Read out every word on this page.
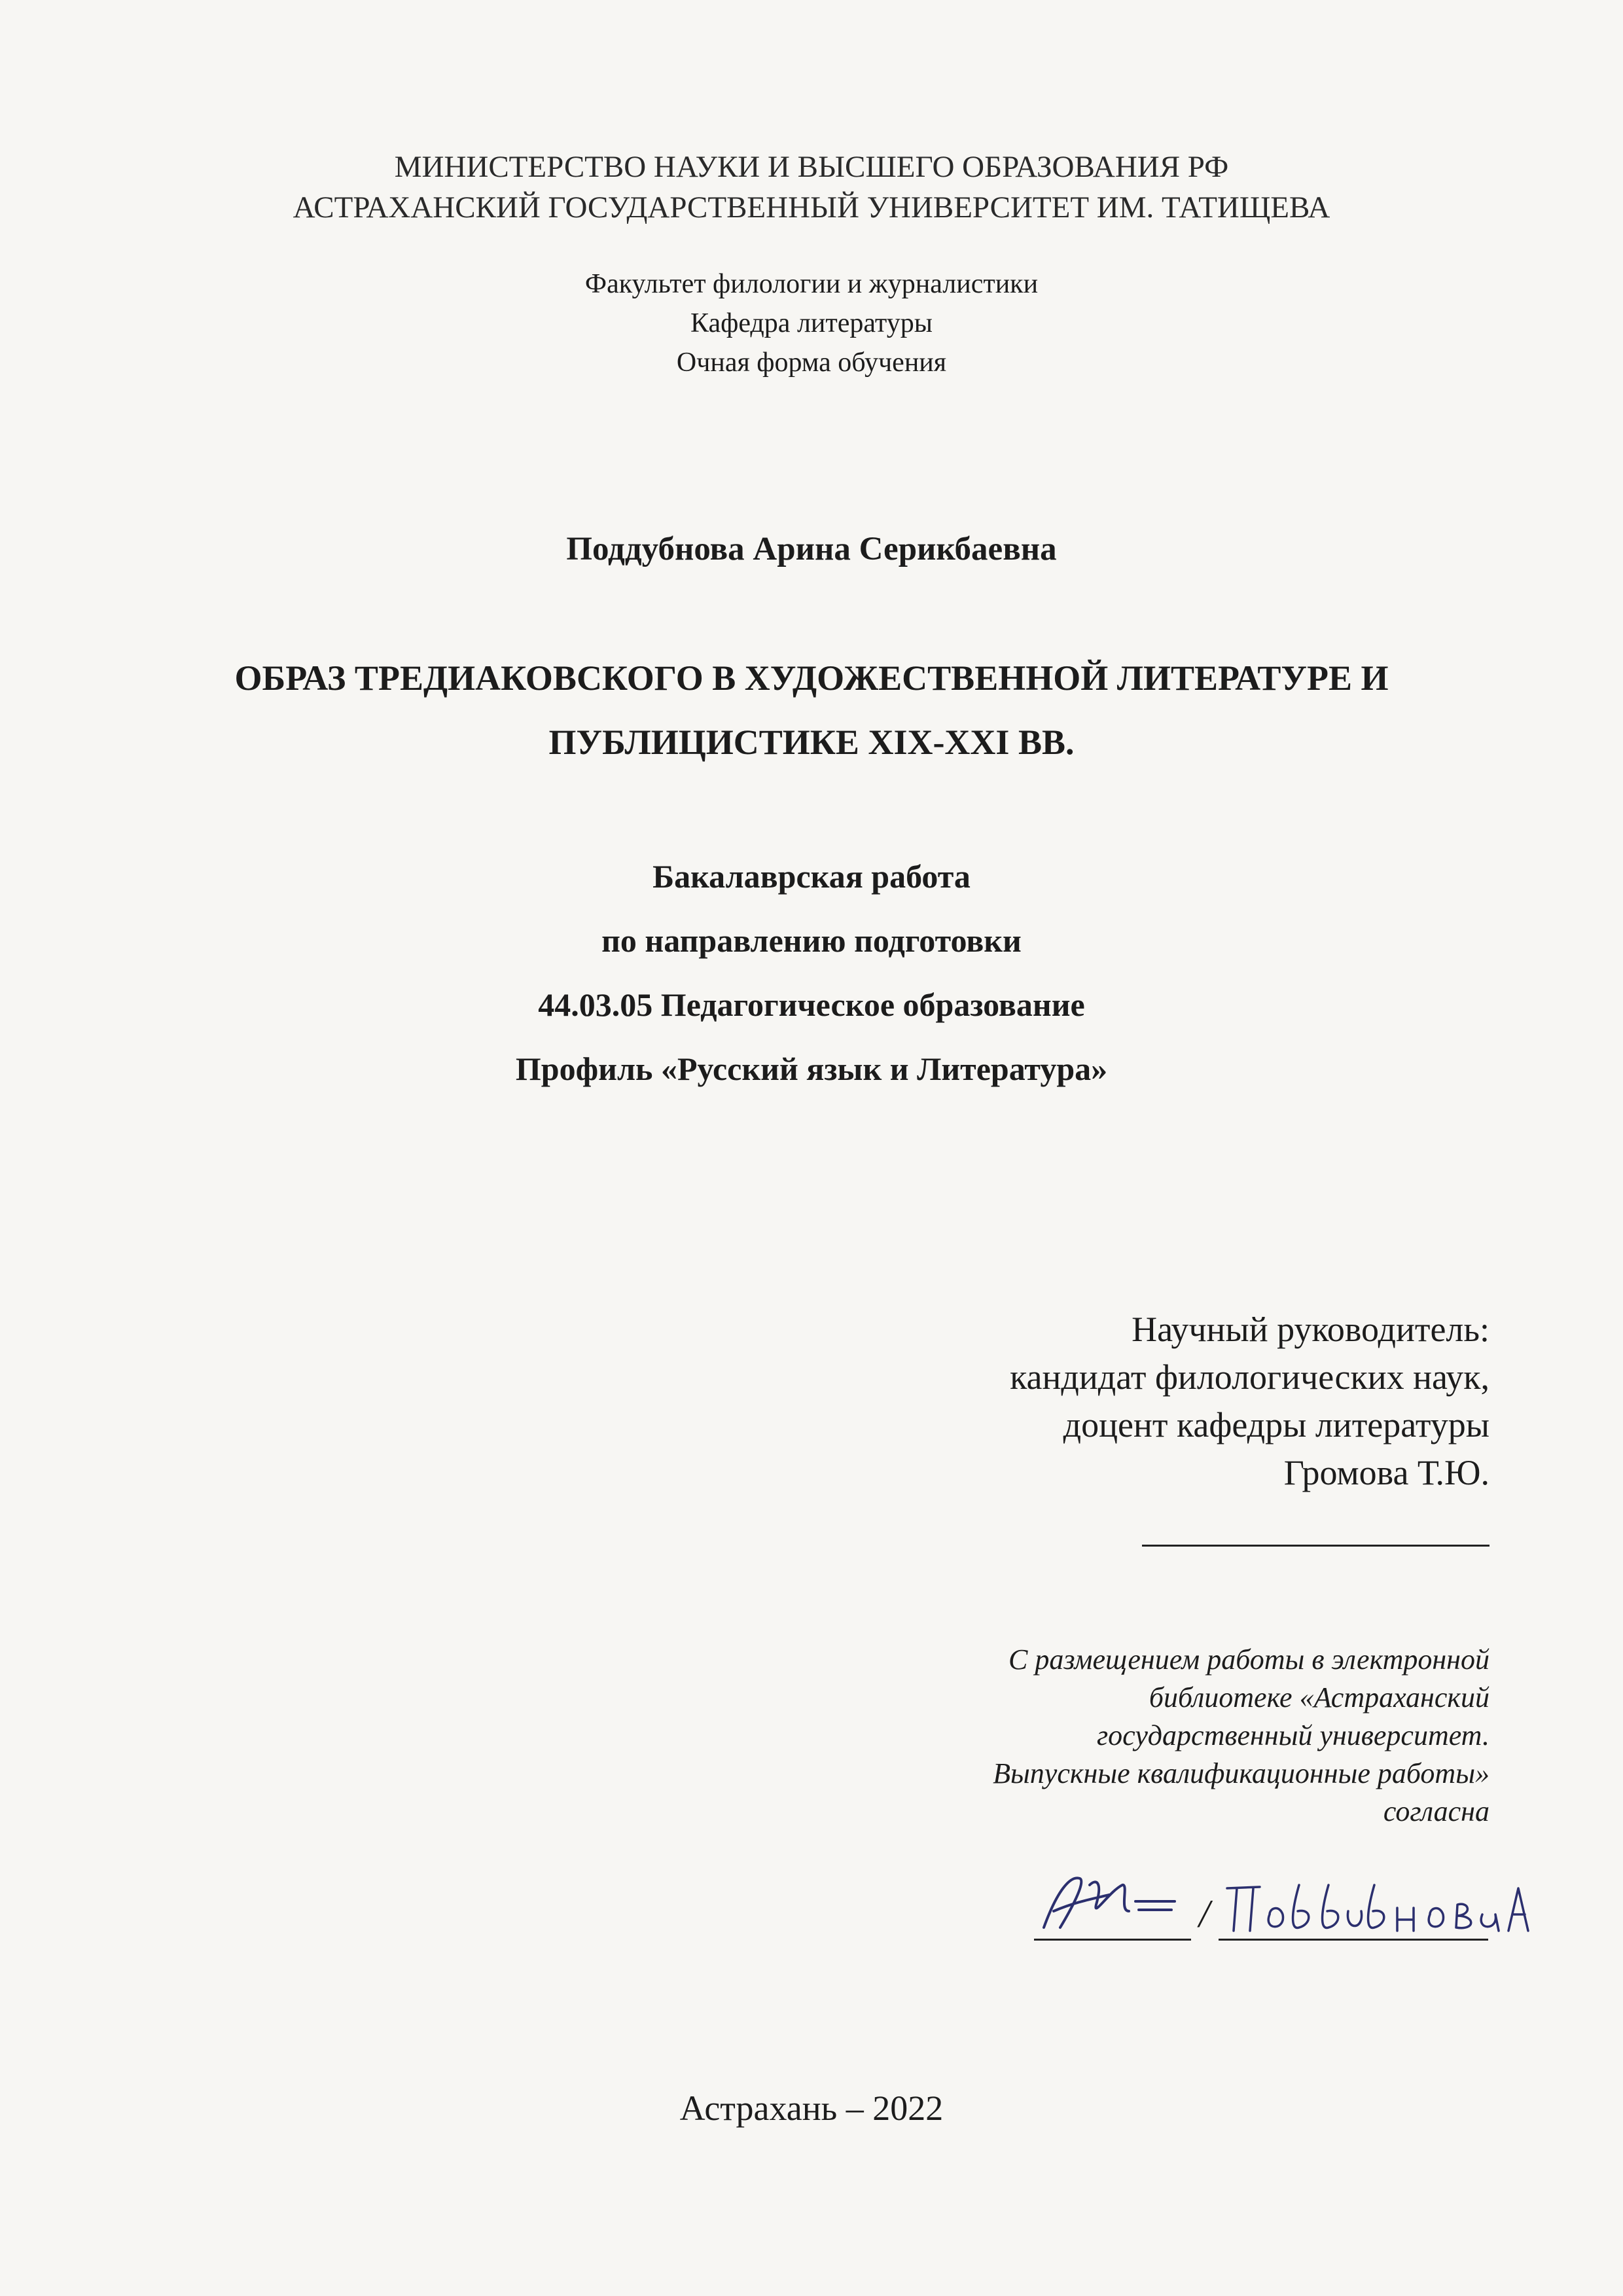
МИНИСТЕРСТВО НАУКИ И ВЫСШЕГО ОБРАЗОВАНИЯ РФ
АСТРАХАНСКИЙ ГОСУДАРСТВЕННЫЙ УНИВЕРСИТЕТ ИМ. ТАТИЩЕВА
Факультет филологии и журналистики
Кафедра литературы
Очная форма обучения
Поддубнова Арина Серикбаевна
ОБРАЗ ТРЕДИАКОВСКОГО В ХУДОЖЕСТВЕННОЙ ЛИТЕРАТУРЕ И
ПУБЛИЦИСТИКЕ XIX-XXI ВВ.
Бакалаврская работа
по направлению подготовки
44.03.05 Педагогическое образование
Профиль «Русский язык и Литература»
Научный руководитель:
кандидат филологических наук,
доцент кафедры литературы
Громова Т.Ю.
С размещением работы в электронной
библиотеке «Астраханский
государственный университет.
Выпускные квалификационные работы»
согласна
/
Астрахань – 2022
